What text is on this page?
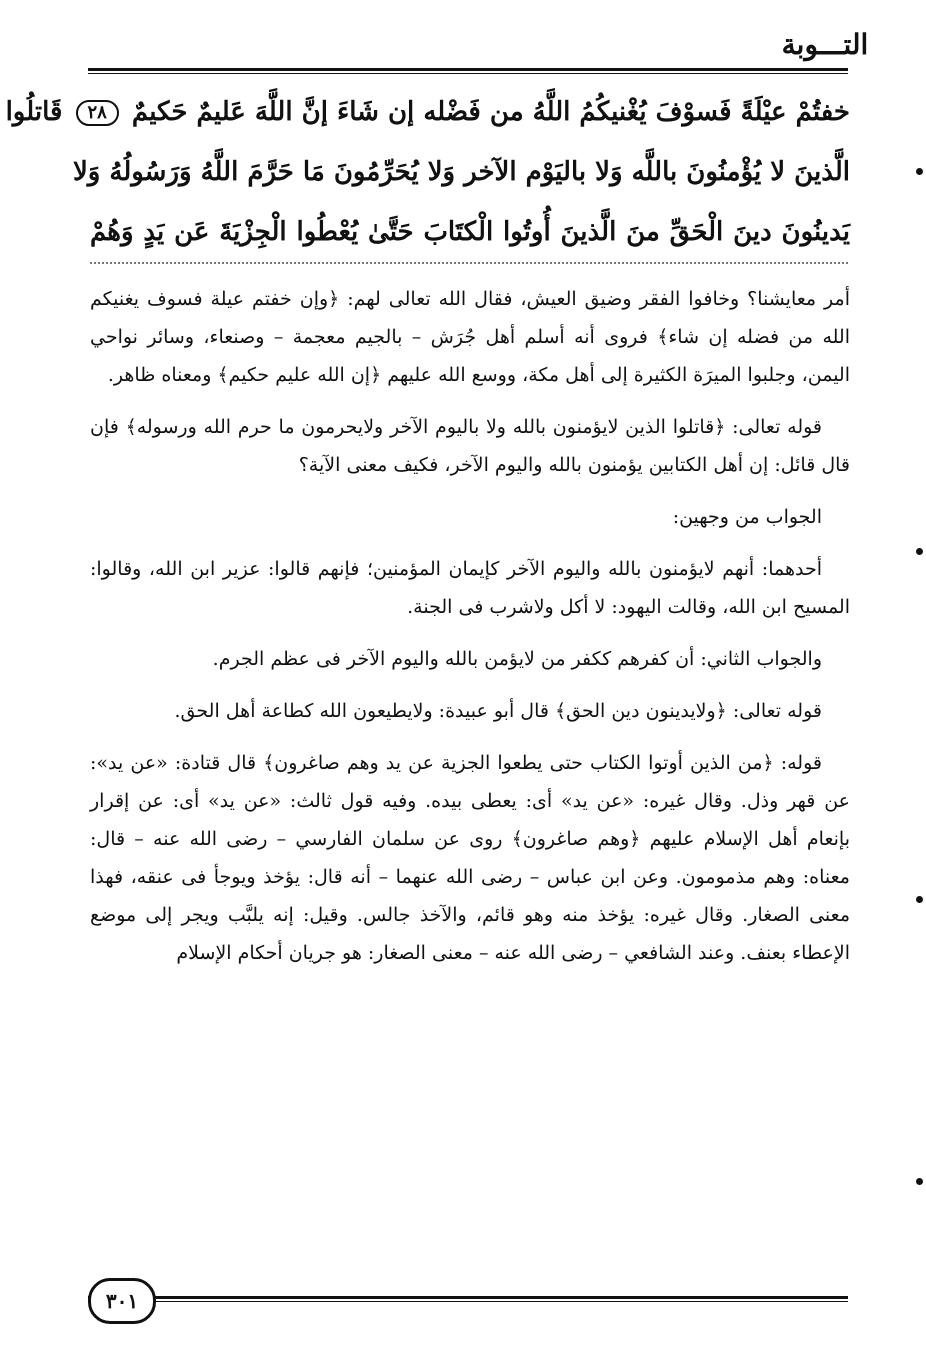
التـــوبة
خفتُمْ عيْلَةً فَسوْفَ يُغْنيكُمُ اللَّهُ من فَضْله إن شَاءَ إنَّ اللَّهَ عَليمٌ حَكيمٌ ٢٨ قَاتلُوا
الَّذينَ لا يُؤْمنُونَ باللَّه وَلا باليَوْم الآخر وَلا يُحَرِّمُونَ مَا حَرَّمَ اللَّهُ وَرَسُولُهُ وَلا
يَدينُونَ دينَ الْحَقِّ منَ الَّذينَ أُوتُوا الْكتَابَ حَتَّىٰ يُعْطُوا الْجِزْيَةَ عَن يَدٍ وَهُمْ

أمر معايشنا؟ وخافوا الفقر وضيق العيش، فقال الله تعالى لهم: ﴿وإن خفتم عيلة فسوف يغنيكم الله من فضله إن شاء﴾ فروى أنه أسلم أهل جُرَش – بالجيم معجمة – وصنعاء، وسائر نواحي اليمن، وجلبوا الميرَة الكثيرة إلى أهل مكة، ووسع الله عليهم ﴿إن الله عليم حكيم﴾ ومعناه ظاهر.

قوله تعالى: ﴿قاتلوا الذين لايؤمنون بالله ولا باليوم الآخر ولايحرمون ما حرم الله ورسوله﴾ فإن قال قائل: إن أهل الكتابين يؤمنون بالله واليوم الآخر، فكيف معنى الآية؟

الجواب من وجهين:

أحدهما: أنهم لايؤمنون بالله واليوم الآخر كإيمان المؤمنين؛ فإنهم قالوا: عزير ابن الله، وقالوا: المسيح ابن الله، وقالت اليهود: لا أكل ولاشرب فى الجنة.

والجواب الثاني: أن كفرهم ككفر من لايؤمن بالله واليوم الآخر فى عظم الجرم.

قوله تعالى: ﴿ولايدينون دين الحق﴾ قال أبو عبيدة: ولايطيعون الله كطاعة أهل الحق.

قوله: ﴿من الذين أوتوا الكتاب حتى يطعوا الجزية عن يد وهم صاغرون﴾ قال قتادة: «عن يد»: عن قهر وذل. وقال غيره: «عن يد» أى: يعطى بيده. وفيه قول ثالث: «عن يد» أى: عن إقرار بإنعام أهل الإسلام عليهم ﴿وهم صاغرون﴾ روى عن سلمان الفارسي – رضى الله عنه – قال: معناه: وهم مذمومون. وعن ابن عباس – رضى الله عنهما – أنه قال: يؤخذ ويوجأ فى عنقه، فهذا معنى الصغار. وقال غيره: يؤخذ منه وهو قائم، والآخذ جالس. وقيل: إنه يلبَّب ويجر إلى موضع الإعطاء بعنف. وعند الشافعي – رضى الله عنه – معنى الصغار: هو جريان أحكام الإسلام

٣٠١
